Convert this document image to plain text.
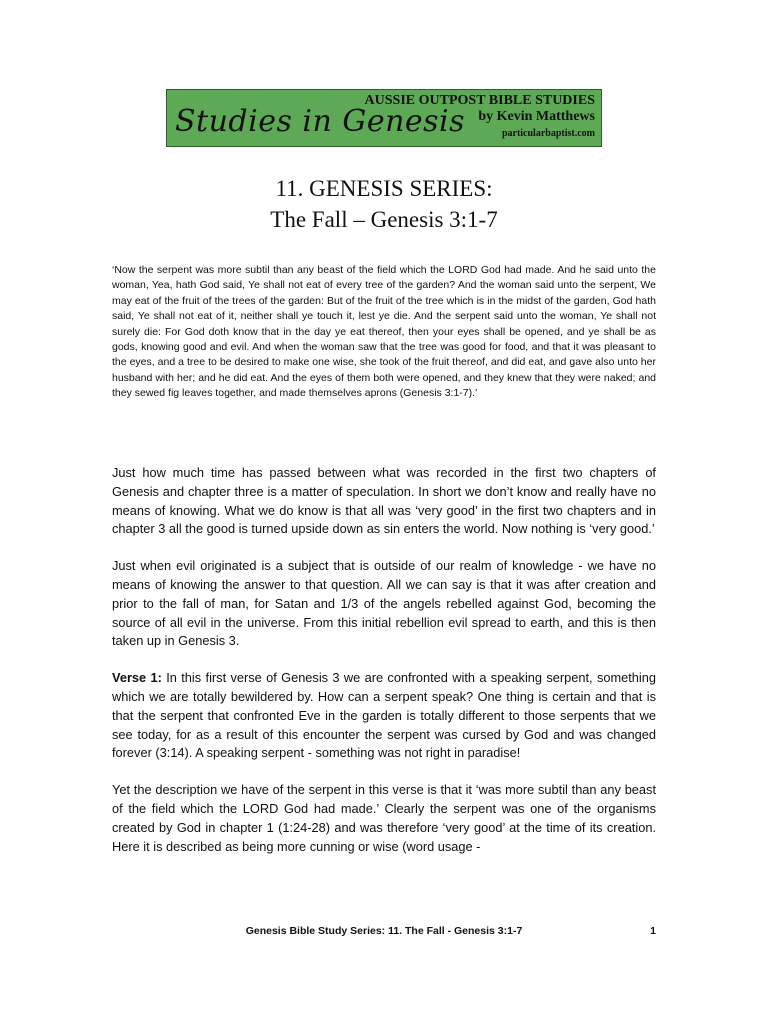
Studies in Genesis
AUSSIE OUTPOST BIBLE STUDIES
by Kevin Matthews
particularbaptist.com
11. GENESIS SERIES:
The Fall – Genesis 3:1-7
‘Now the serpent was more subtil than any beast of the field which the LORD God had made. And he said unto the woman, Yea, hath God said, Ye shall not eat of every tree of the garden? And the woman said unto the serpent, We may eat of the fruit of the trees of the garden: But of the fruit of the tree which is in the midst of the garden, God hath said, Ye shall not eat of it, neither shall ye touch it, lest ye die. And the serpent said unto the woman, Ye shall not surely die: For God doth know that in the day ye eat thereof, then your eyes shall be opened, and ye shall be as gods, knowing good and evil. And when the woman saw that the tree was good for food, and that it was pleasant to the eyes, and a tree to be desired to make one wise, she took of the fruit thereof, and did eat, and gave also unto her husband with her; and he did eat. And the eyes of them both were opened, and they knew that they were naked; and they sewed fig leaves together, and made themselves aprons (Genesis 3:1-7).’

Just how much time has passed between what was recorded in the first two chapters of Genesis and chapter three is a matter of speculation. In short we don’t know and really have no means of knowing. What we do know is that all was ‘very good’ in the first two chapters and in chapter 3 all the good is turned upside down as sin enters the world. Now nothing is ‘very good.’

Just when evil originated is a subject that is outside of our realm of knowledge - we have no means of knowing the answer to that question. All we can say is that it was after creation and prior to the fall of man, for Satan and 1/3 of the angels rebelled against God, becoming the source of all evil in the universe. From this initial rebellion evil spread to earth, and this is then taken up in Genesis 3.

Verse 1: In this first verse of Genesis 3 we are confronted with a speaking serpent, something which we are totally bewildered by. How can a serpent speak? One thing is certain and that is that the serpent that confronted Eve in the garden is totally different to those serpents that we see today, for as a result of this encounter the serpent was cursed by God and was changed forever (3:14). A speaking serpent - something was not right in paradise!

Yet the description we have of the serpent in this verse is that it ‘was more subtil than any beast of the field which the LORD God had made.’ Clearly the serpent was one of the organisms created by God in chapter 1 (1:24-28) and was therefore ‘very good’ at the time of its creation. Here it is described as being more cunning or wise (word usage -

Genesis Bible Study Series: 11. The Fall - Genesis 3:1-7	1
